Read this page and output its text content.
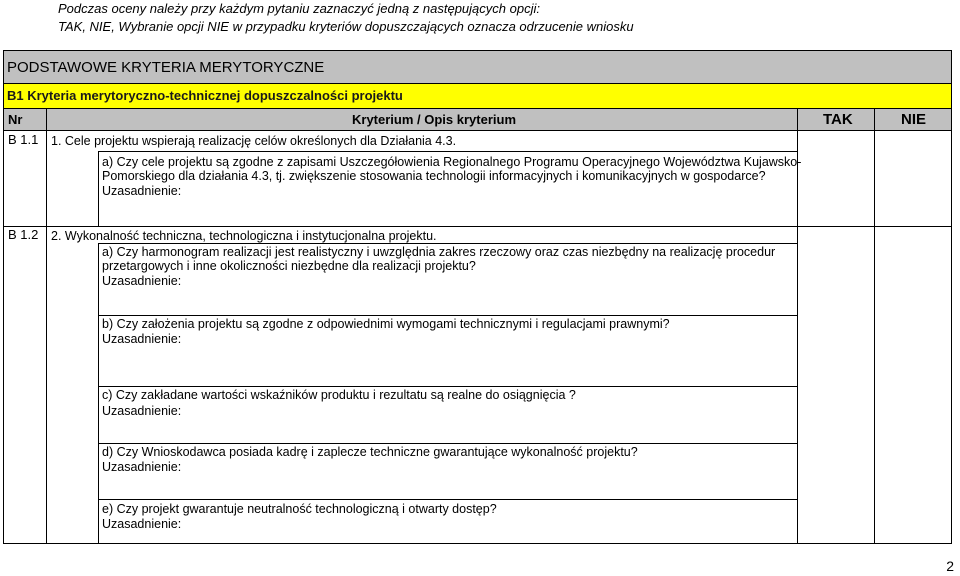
Podczas oceny należy przy każdym pytaniu zaznaczyć jedną z następujących opcji:
TAK, NIE, Wybranie opcji NIE w przypadku kryteriów dopuszczających oznacza odrzucenie wniosku
PODSTAWOWE KRYTERIA MERYTORYCZNE
B1 Kryteria merytoryczno-technicznej dopuszczalności projektu
Nr	Kryterium / Opis kryterium	TAK	NIE
B 1.1 1. Cele projektu wspierają realizację celów określonych dla Działania 4.3.
a) Czy cele projektu są zgodne z zapisami Uszczegółowienia Regionalnego Programu Operacyjnego Województwa Kujawsko-
Pomorskiego dla działania 4.3, tj. zwiększenie stosowania technologii informacyjnych i komunikacyjnych w gospodarce?
Uzasadnienie:
B 1.2 2. Wykonalność techniczna, technologiczna i instytucjonalna projektu.
a) Czy harmonogram realizacji jest realistyczny i uwzględnia zakres rzeczowy oraz czas niezbędny na realizację procedur
przetargowych i inne okoliczności niezbędne dla realizacji projektu?
Uzasadnienie:
b) Czy założenia projektu są zgodne z odpowiednimi wymogami technicznymi i regulacjami prawnymi?
Uzasadnienie:
c) Czy zakładane wartości wskaźników produktu i rezultatu są realne do osiągnięcia ?
Uzasadnienie:
d) Czy Wnioskodawca posiada kadrę i zaplecze techniczne gwarantujące wykonalność projektu?
Uzasadnienie:
e) Czy projekt gwarantuje neutralność technologiczną i otwarty dostęp?
Uzasadnienie:
2
